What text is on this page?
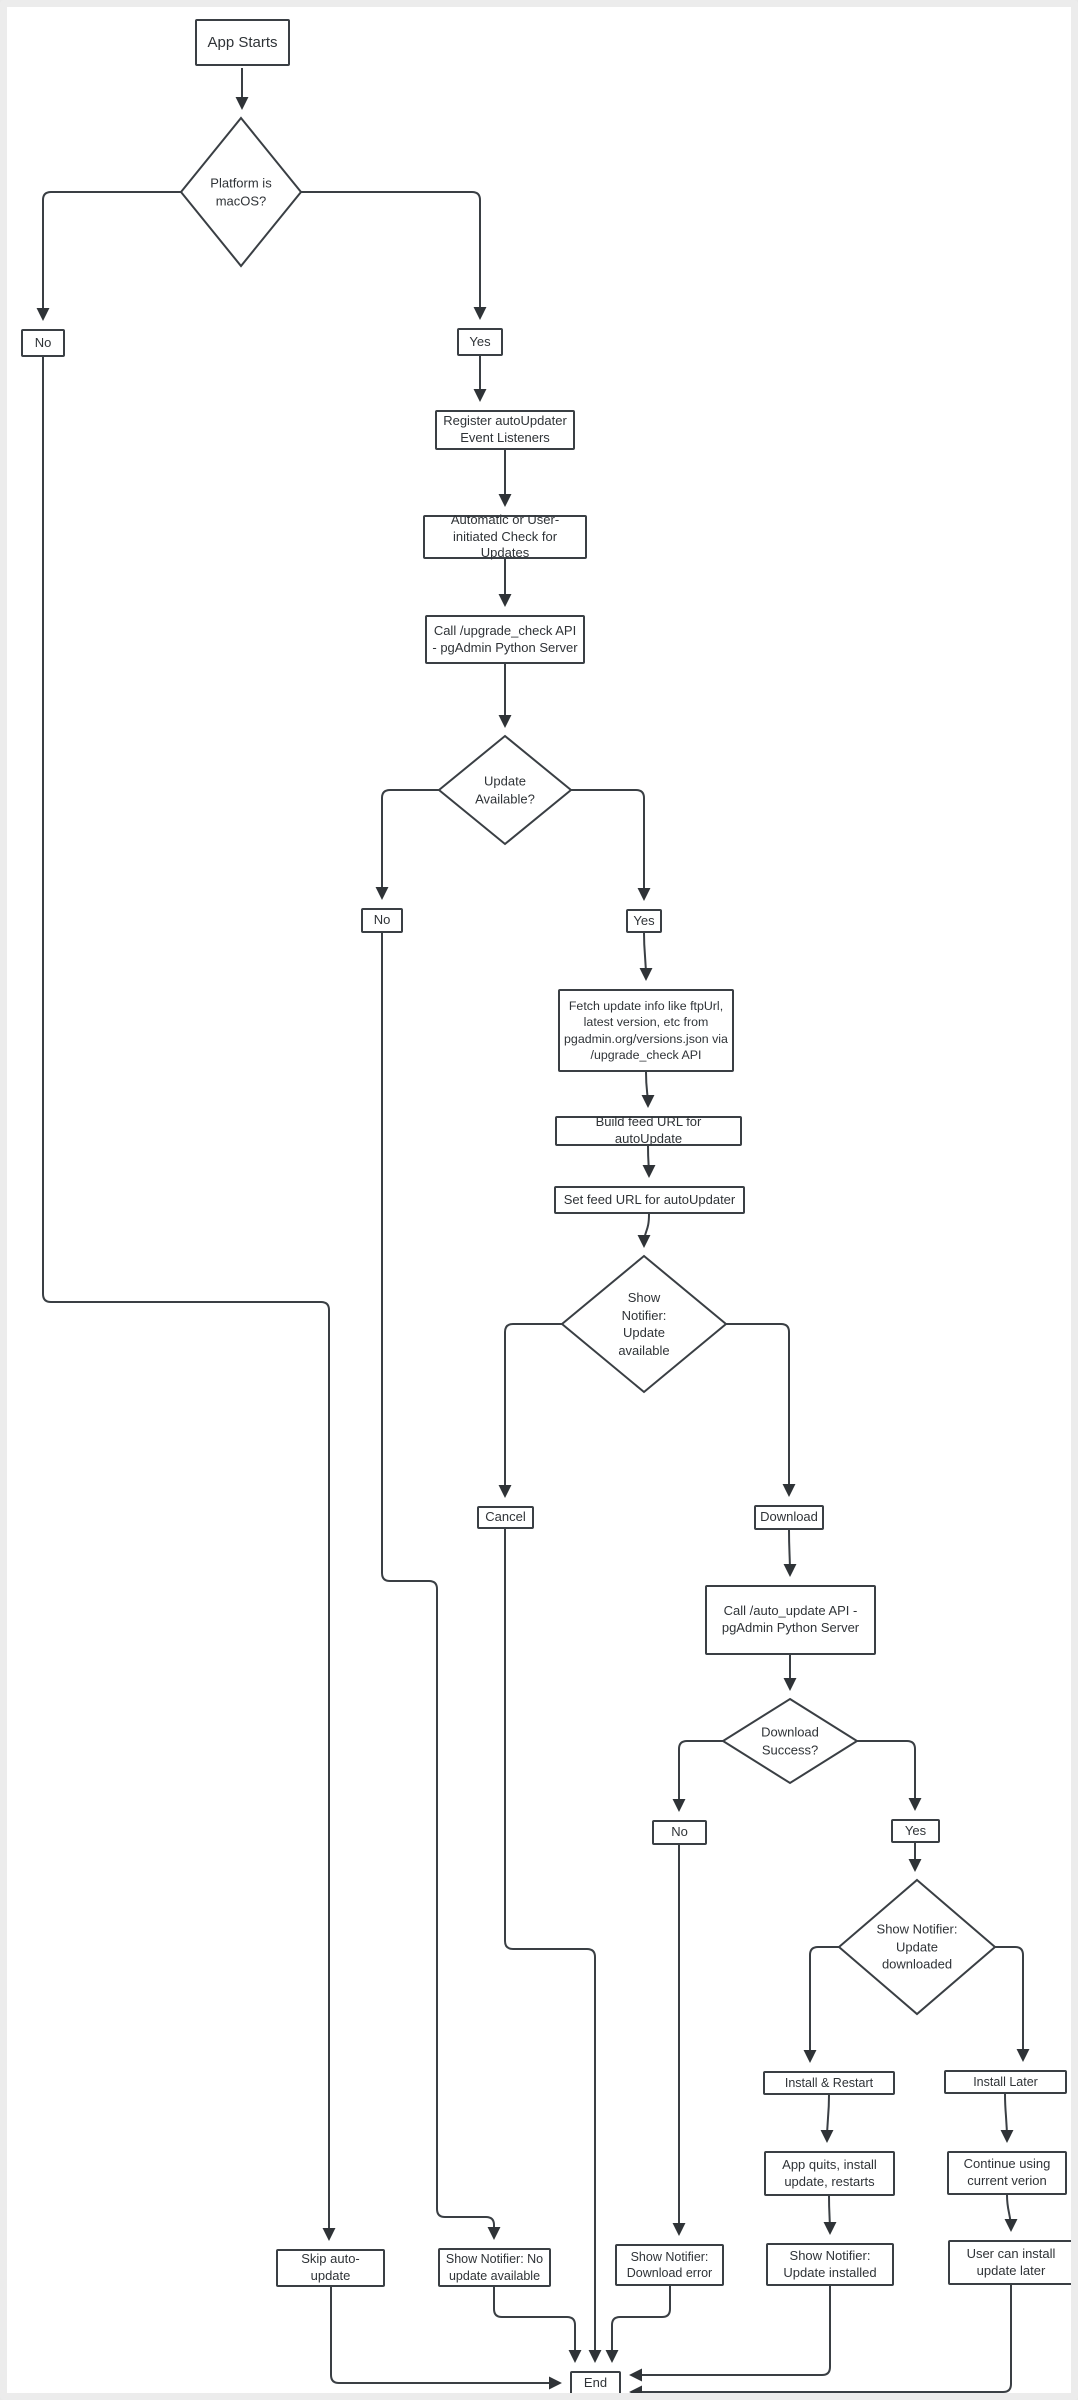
App Starts
No	Yes
Register autoUpdater Event Listeners
Automatic or User-initiated Check for Updates
Call /upgrade_check API - pgAdmin Python Server
No	Yes
Fetch update info like ftpUrl, latest version, etc from pgadmin.org/versions.json via /upgrade_check API
Build feed URL for autoUpdate
Set feed URL for autoUpdater
Cancel	Download
Call /auto_update API - pgAdmin Python Server
No	Yes
Install & Restart	Install Later
App quits, install update, restarts
Continue using current verion
Skip auto-update
Show Notifier: No update available
Show Notifier: Download error
Show Notifier: Update installed
User can install update later
End
Platform is macOS?
Update Available?
Show Notifier: Update available
Download Success?
Show Notifier: Update downloaded
